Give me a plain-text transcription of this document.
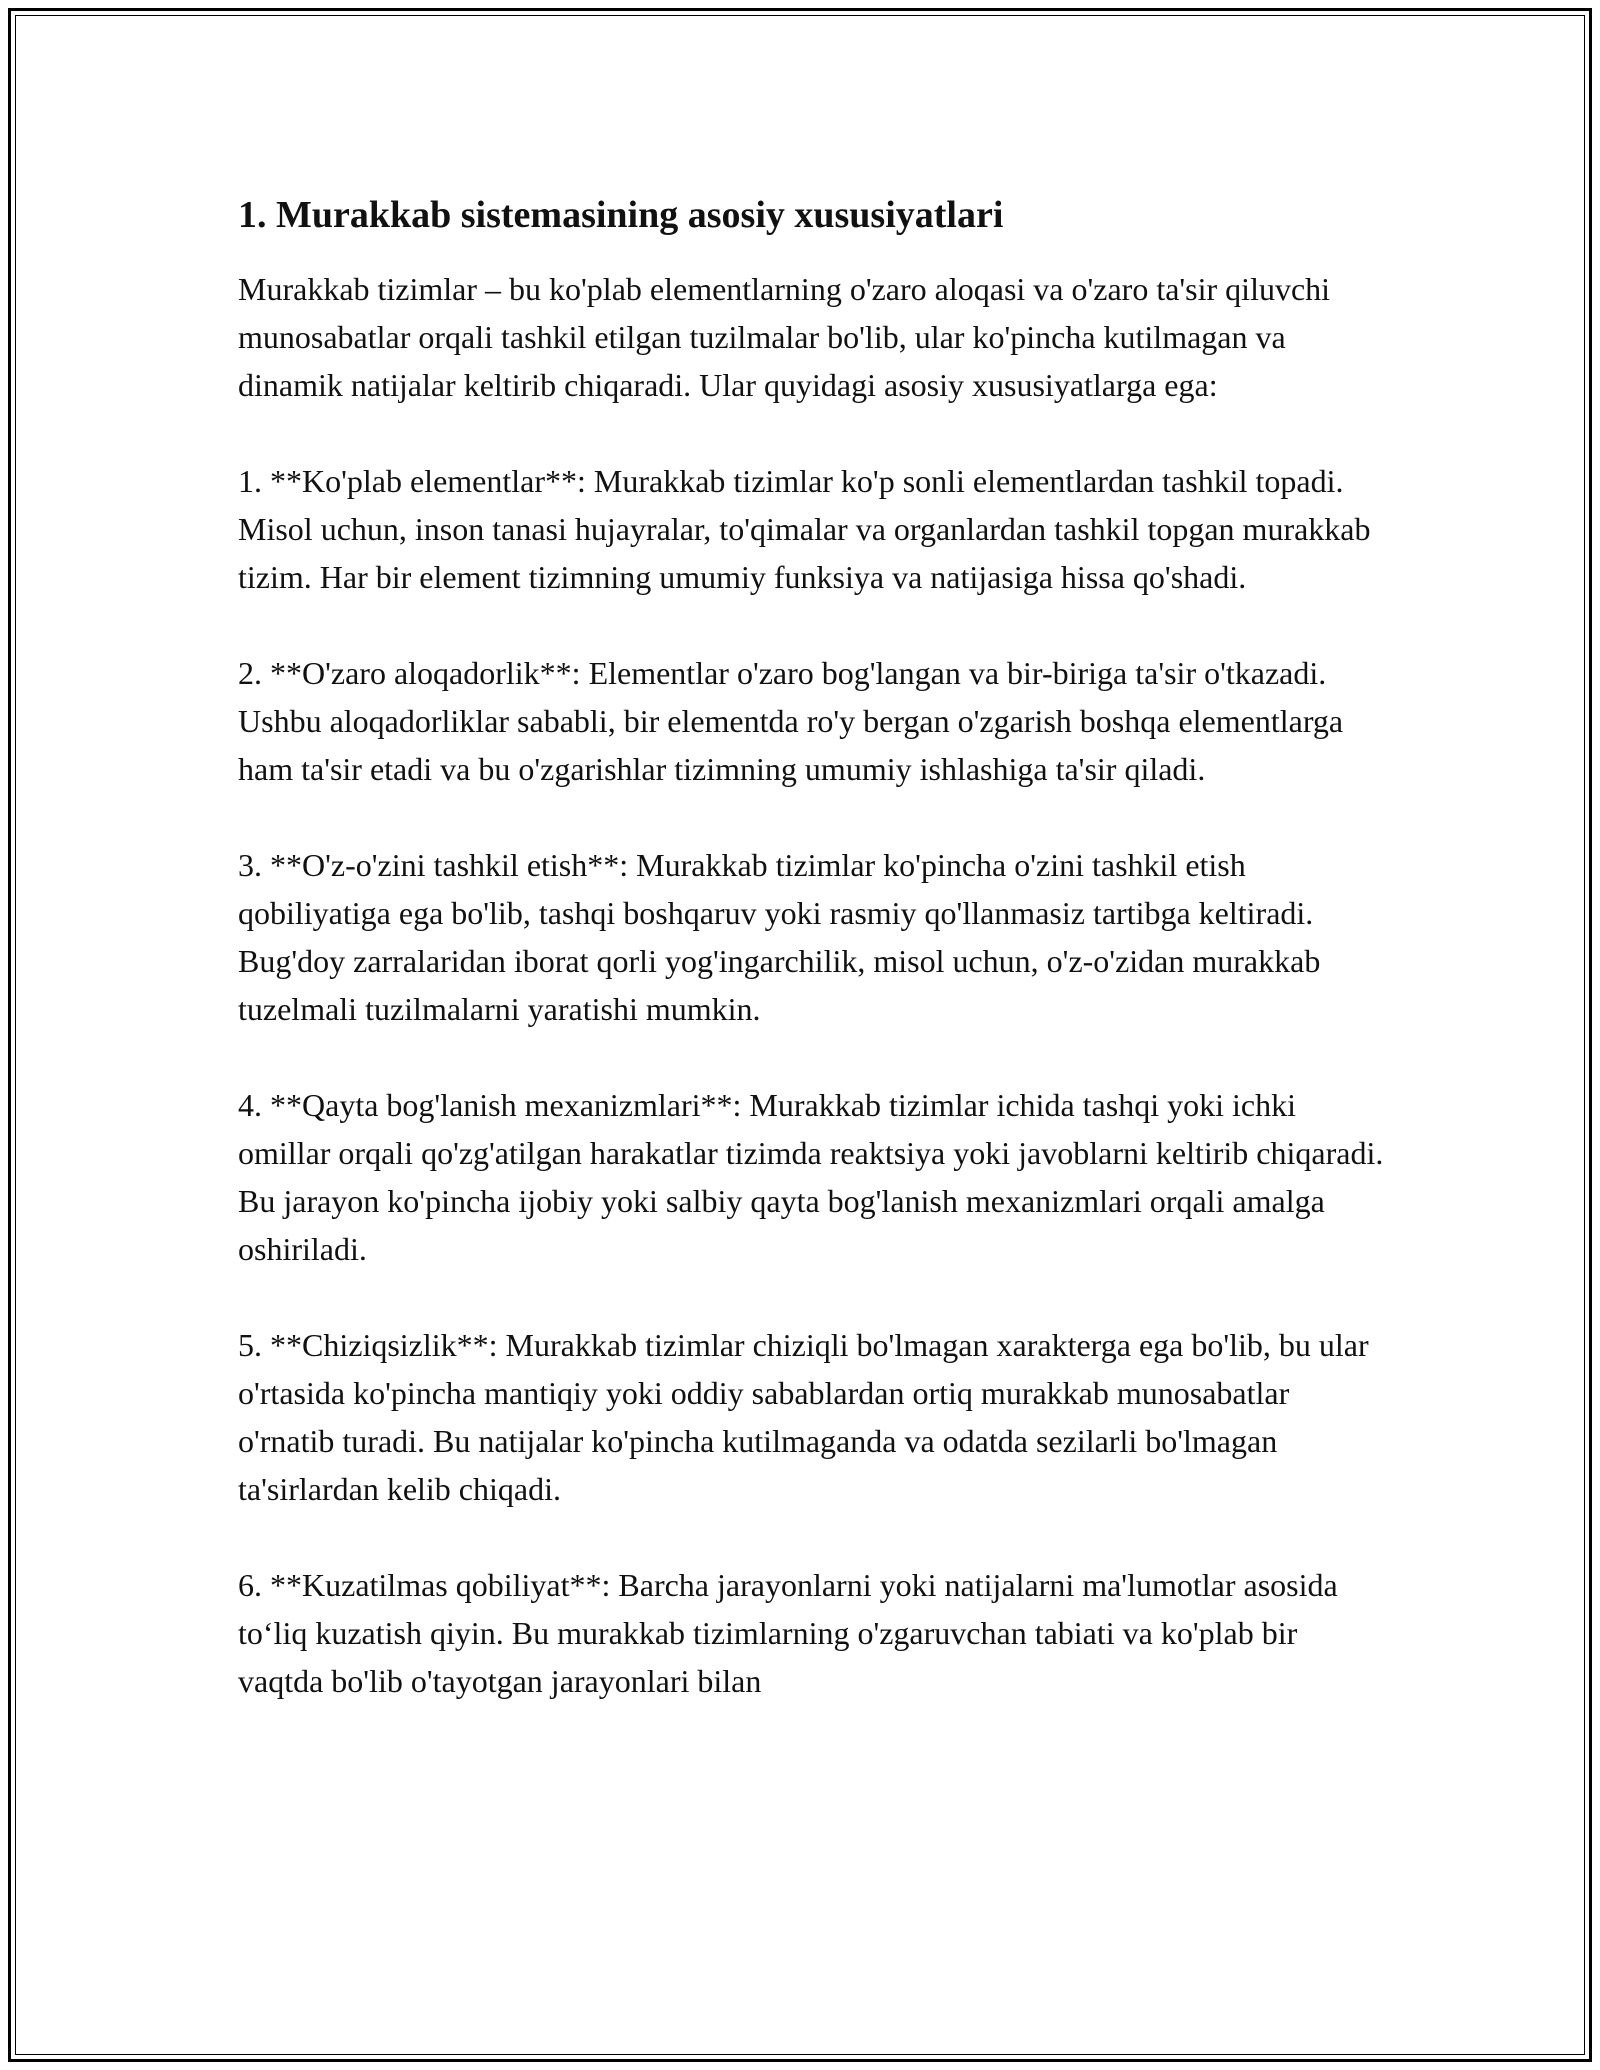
1. Murakkab sistemasining asosiy xususiyatlari

Murakkab tizimlar – bu ko'plab elementlarning o'zaro aloqasi va o'zaro ta'sir qiluvchi munosabatlar orqali tashkil etilgan tuzilmalar bo'lib, ular ko'pincha kutilmagan va dinamik natijalar keltirib chiqaradi. Ular quyidagi asosiy xususiyatlarga ega:

1. **Ko'plab elementlar**: Murakkab tizimlar ko'p sonli elementlardan tashkil topadi. Misol uchun, inson tanasi hujayralar, to'qimalar va organlardan tashkil topgan murakkab tizim. Har bir element tizimning umumiy funksiya va natijasiga hissa qo'shadi.

2. **O'zaro aloqadorlik**: Elementlar o'zaro bog'langan va bir-biriga ta'sir o'tkazadi. Ushbu aloqadorliklar sababli, bir elementda ro'y bergan o'zgarish boshqa elementlarga ham ta'sir etadi va bu o'zgarishlar tizimning umumiy ishlashiga ta'sir qiladi.

3. **O'z-o'zini tashkil etish**: Murakkab tizimlar ko'pincha o'zini tashkil etish qobiliyatiga ega bo'lib, tashqi boshqaruv yoki rasmiy qo'llanmasiz tartibga keltiradi. Bug'doy zarralaridan iborat qorli yog'ingarchilik, misol uchun, o'z-o'zidan murakkab tuzelmali tuzilmalarni yaratishi mumkin.

4. **Qayta bog'lanish mexanizmlari**: Murakkab tizimlar ichida tashqi yoki ichki omillar orqali qo'zg'atilgan harakatlar tizimda reaktsiya yoki javoblarni keltirib chiqaradi. Bu jarayon ko'pincha ijobiy yoki salbiy qayta bog'lanish mexanizmlari orqali amalga oshiriladi.

5. **Chiziqsizlik**: Murakkab tizimlar chiziqli bo'lmagan xarakterga ega bo'lib, bu ular o'rtasida ko'pincha mantiqiy yoki oddiy sabablardan ortiq murakkab munosabatlar o'rnatib turadi. Bu natijalar ko'pincha kutilmaganda va odatda sezilarli bo'lmagan ta'sirlardan kelib chiqadi.

6. **Kuzatilmas qobiliyat**: Barcha jarayonlarni yoki natijalarni ma'lumotlar asosida to‘liq kuzatish qiyin. Bu murakkab tizimlarning o'zgaruvchan tabiati va ko'plab bir vaqtda bo'lib o'tayotgan jarayonlari bilan
